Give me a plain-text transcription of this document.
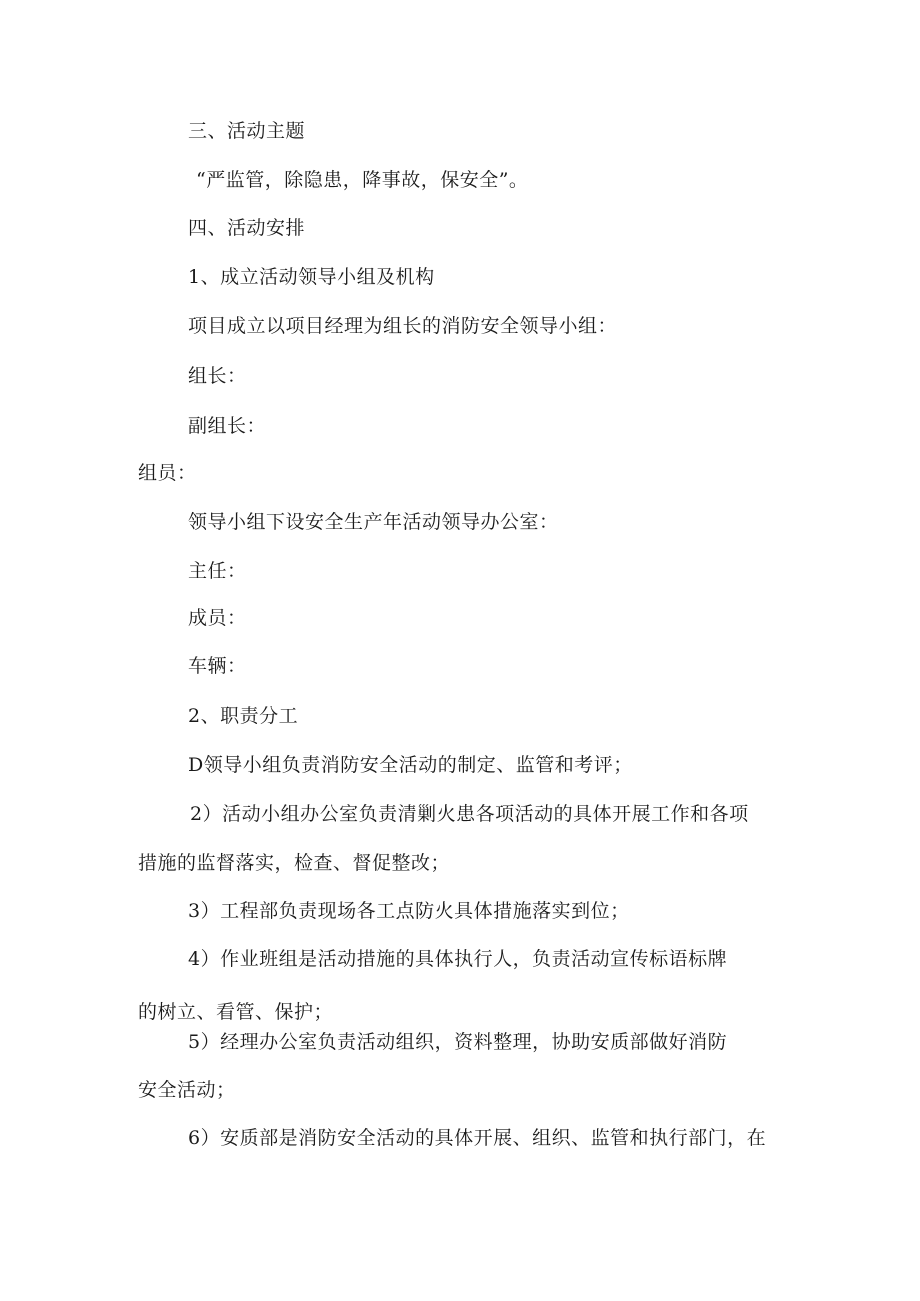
三、活动主题
“严监管，除隐患，降事故，保安全”。
四、活动安排
1、成立活动领导小组及机构
项目成立以项目经理为组长的消防安全领导小组：
组长：
副组长：
组员：
领导小组下设安全生产年活动领导办公室：
主任：
成员：
车辆：
2、职责分工
D领导小组负责消防安全活动的制定、监管和考评；
2）活动小组办公室负责清剿火患各项活动的具体开展工作和各项
措施的监督落实，检查、督促整改；
3）工程部负责现场各工点防火具体措施落实到位；
4）作业班组是活动措施的具体执行人，负责活动宣传标语标牌
的树立、看管、保护；
5）经理办公室负责活动组织，资料整理，协助安质部做好消防
安全活动；
6）安质部是消防安全活动的具体开展、组织、监管和执行部门，在
